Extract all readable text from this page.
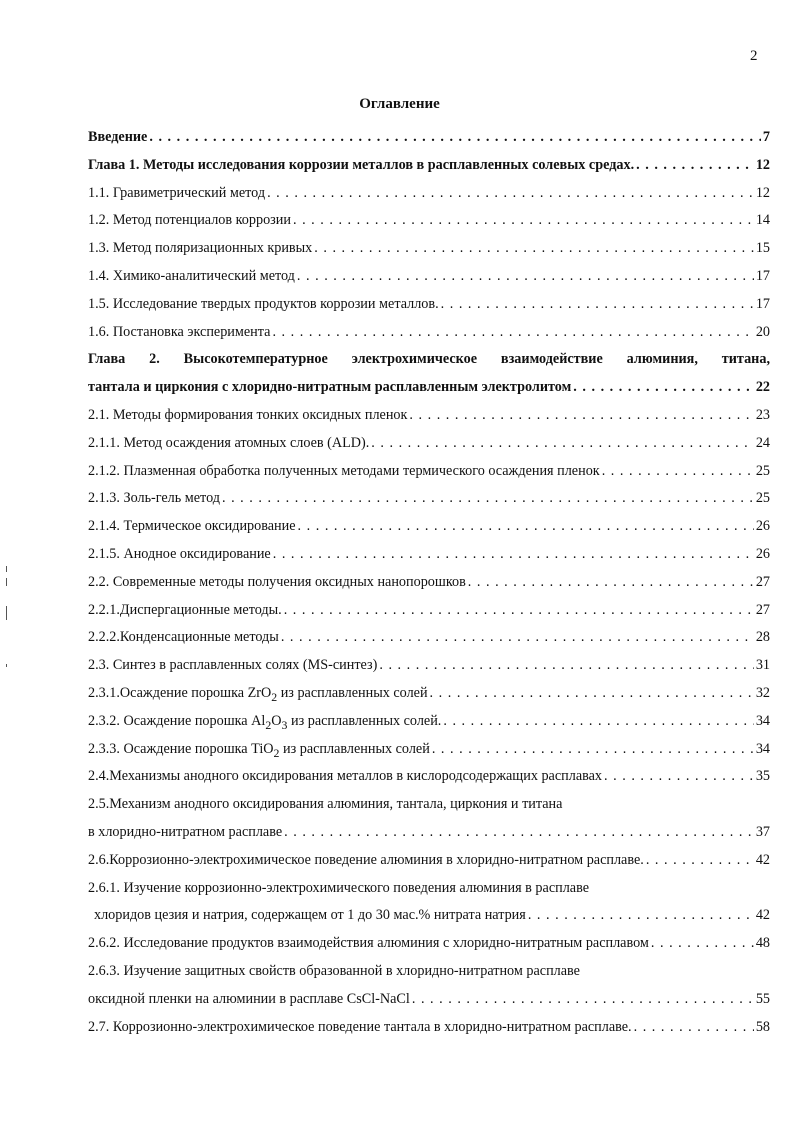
2
Оглавление
Введение . . .	7
Глава 1. Методы исследования коррозии металлов в расплавленных солевых средах. . . .	12
1.1. Гравиметрический метод . . .	12
1.2. Метод потенциалов коррозии . . .	14
1.3. Метод поляризационных кривых . . .	15
1.4. Химико-аналитический метод . . .	17
1.5. Исследование твердых продуктов коррозии металлов. . . .	17
1.6. Постановка эксперимента . . .	20
Глава 2. Высокотемпературное электрохимическое взаимодействие алюминия, титана,
тантала и циркония с хлоридно-нитратным расплавленным электролитом . . .	22
2.1. Методы формирования тонких оксидных пленок . . .	23
2.1.1. Метод осаждения атомных слоев (ALD). . . .	24
2.1.2. Плазменная обработка полученных методами термического осаждения пленок . . .	25
2.1.3. Золь-гель метод . . .	25
2.1.4. Термическое оксидирование . . .	26
2.1.5. Анодное оксидирование . . .	26
2.2. Современные методы получения оксидных нанопорошков . . .	27
2.2.1.Диспергационные методы. . . .	27
2.2.2.Конденсационные методы . . .	28
2.3. Синтез в расплавленных солях (MS-синтез) . . .	31
2.3.1.Осаждение порошка ZrO$_2$ из расплавленных солей . . .	32
2.3.2. Осаждение порошка $Al_2O_3$ из расплавленных солей. . . .	34
2.3.3. Осаждение порошка TiO$_2$ из расплавленных солей . . .	34
2.4.Механизмы анодного оксидирования металлов в кислородсодержащих расплавах . . .	35
2.5.Механизм анодного оксидирования алюминия, тантала, циркония и титана
в хлоридно-нитратном расплаве . . .	37
2.6.Коррозионно-электрохимическое поведение алюминия в хлоридно-нитратном расплаве. . . .	42
2.6.1. Изучение коррозионно-электрохимического поведения алюминия в расплаве
хлоридов цезия и натрия, содержащем от 1 до 30 мас.% нитрата натрия . . .	42
2.6.2. Исследование продуктов взаимодействия алюминия с хлоридно-нитратным расплавом . . .	48
2.6.3. Изучение защитных свойств образованной в хлоридно-нитратном расплаве
оксидной пленки на алюминии в расплаве CsCl-NaCl . . .	55
2.7. Коррозионно-электрохимическое поведение тантала в хлоридно-нитратном расплаве. . . .	58
